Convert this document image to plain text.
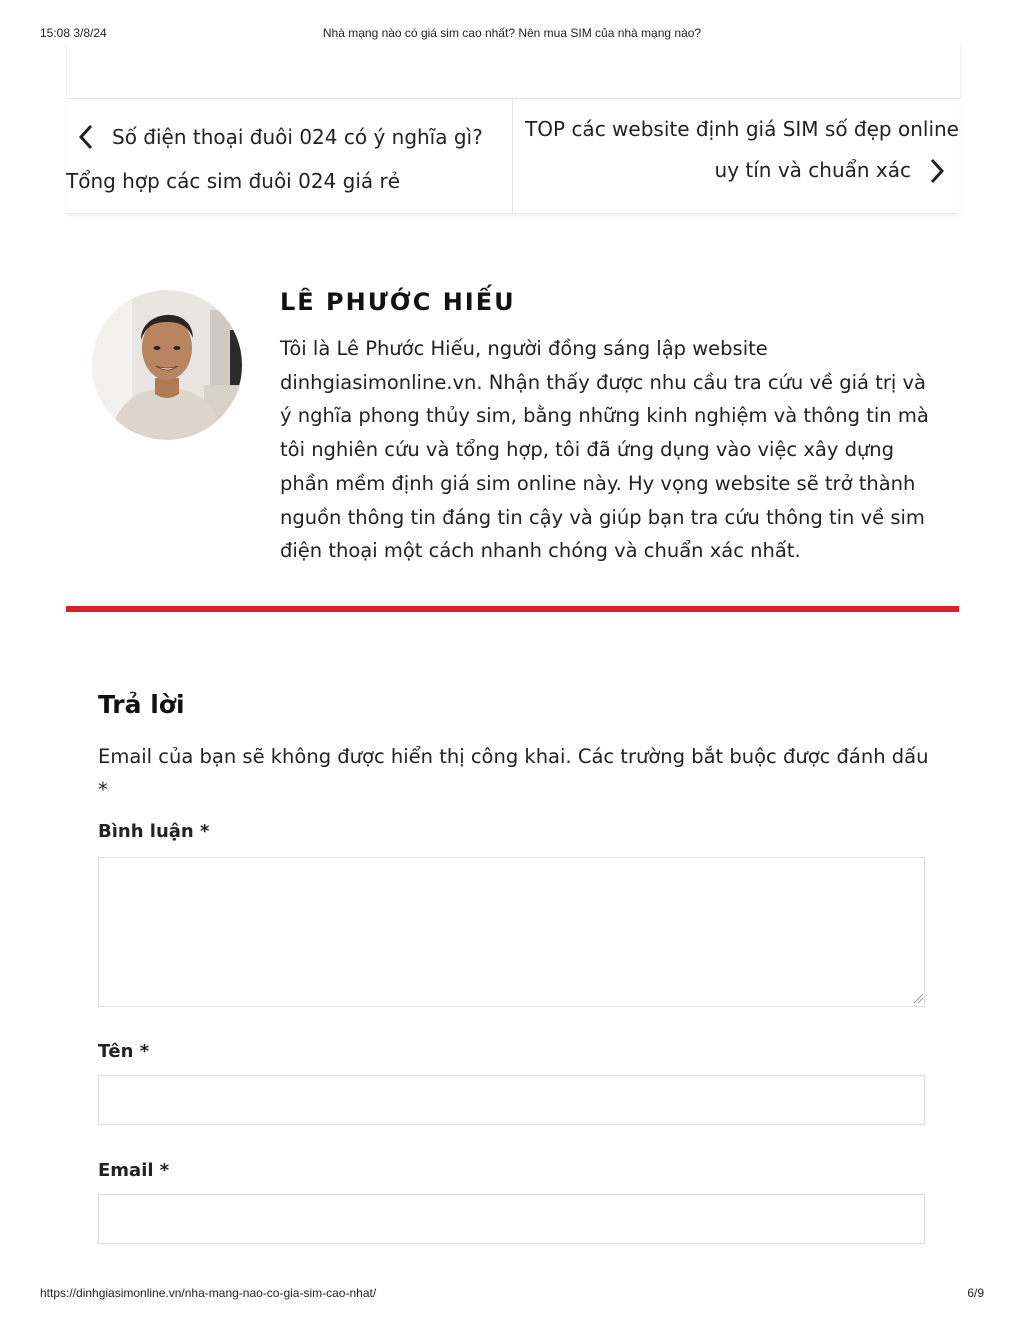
15:08 3/8/24	Nhà mạng nào có giá sim cao nhất? Nên mua SIM của nhà mạng nào?
Số điện thoại đuôi 024 có ý nghĩa gì?
Tổng hợp các sim đuôi 024 giá rẻ
TOP các website định giá SIM số đẹp online
uy tín và chuẩn xác
LÊ PHƯỚC HIẾU
Tôi là Lê Phước Hiếu, người đồng sáng lập website dinhgiasimonline.vn. Nhận thấy được nhu cầu tra cứu về giá trị và ý nghĩa phong thủy sim, bằng những kinh nghiệm và thông tin mà tôi nghiên cứu và tổng hợp, tôi đã ứng dụng vào việc xây dựng phần mềm định giá sim online này. Hy vọng website sẽ trở thành nguồn thông tin đáng tin cậy và giúp bạn tra cứu thông tin về sim điện thoại một cách nhanh chóng và chuẩn xác nhất.
Trả lời
Email của bạn sẽ không được hiển thị công khai. Các trường bắt buộc được đánh dấu *
Bình luận *
Tên *
Email *
https://dinhgiasimonline.vn/nha-mang-nao-co-gia-sim-cao-nhat/	6/9
